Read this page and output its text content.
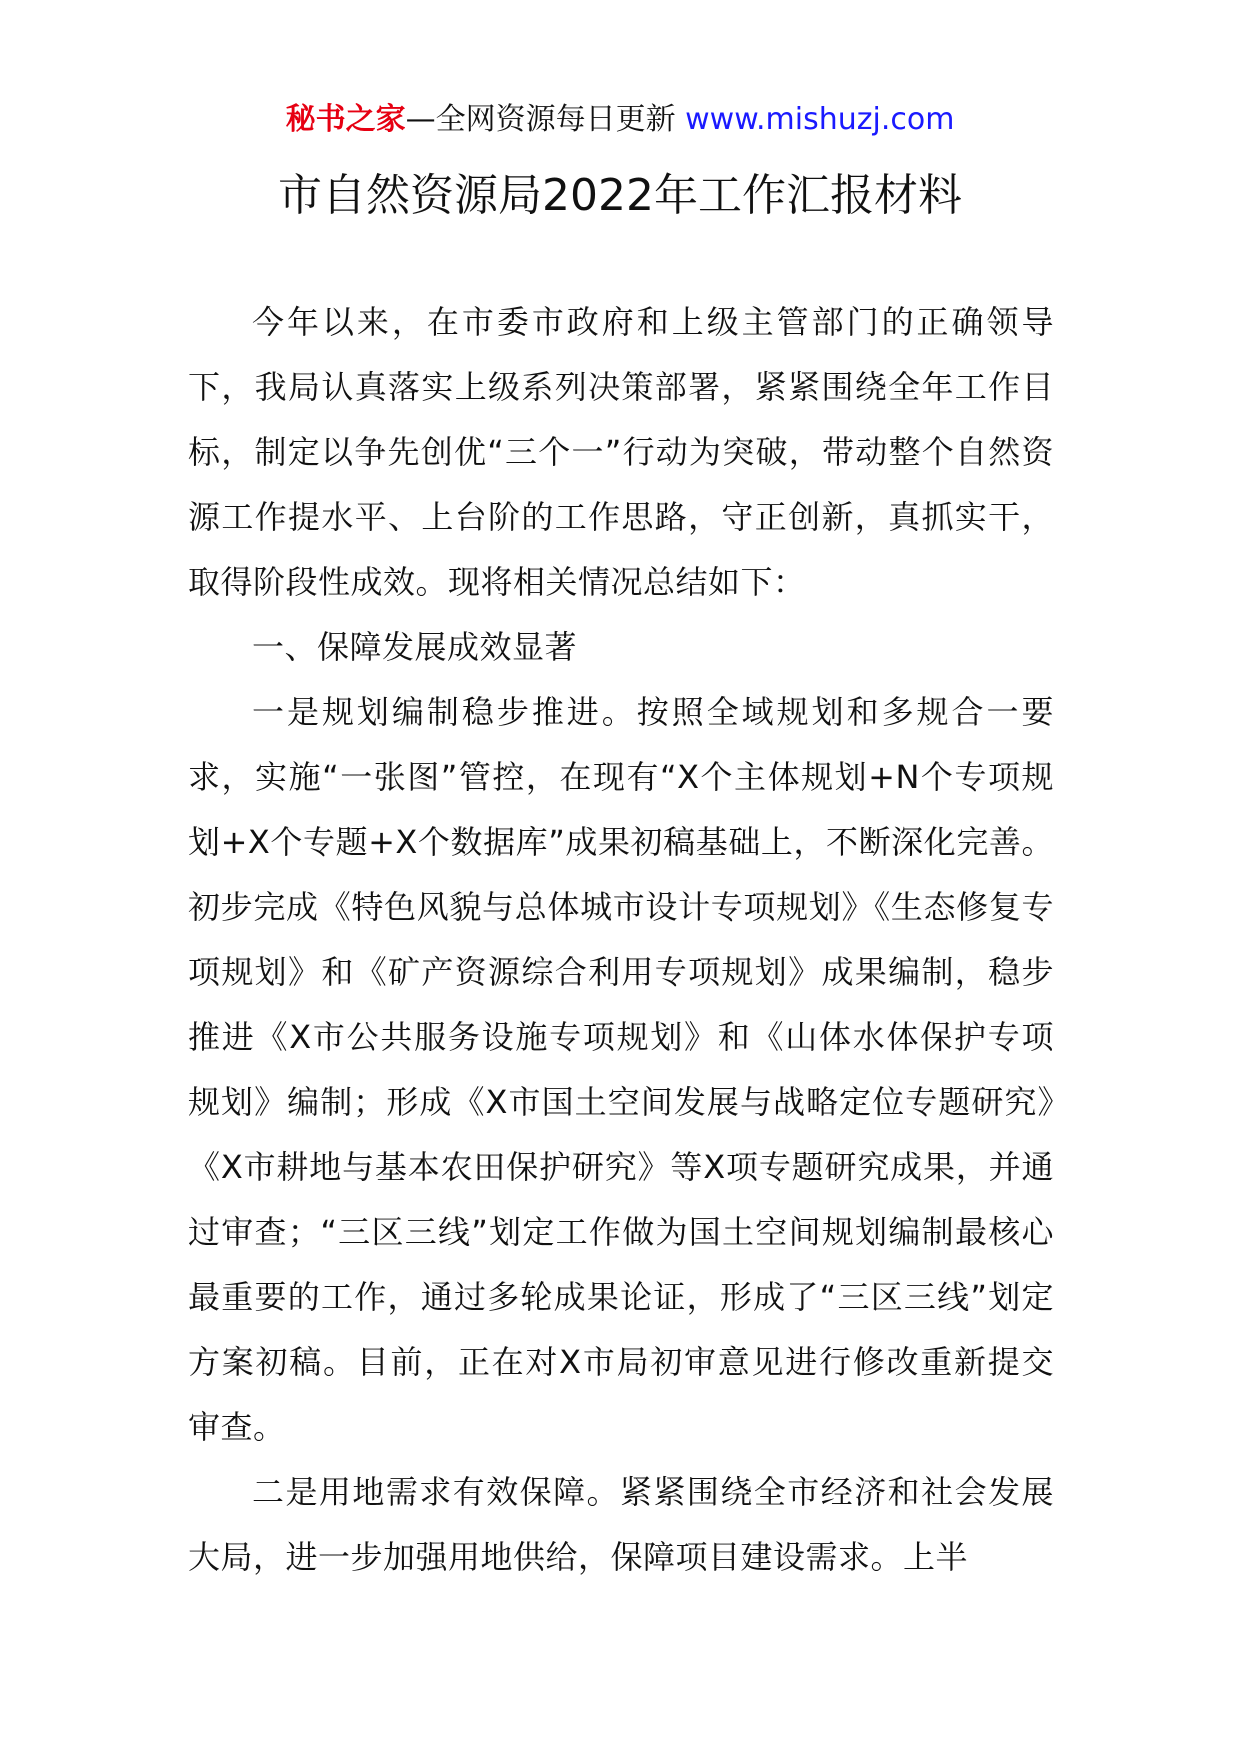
秘书之家—全网资源每日更新 www.mishuzj.com
市自然资源局2022年工作汇报材料

今年以来，在市委市政府和上级主管部门的正确领导下，我局认真落实上级系列决策部署，紧紧围绕全年工作目标，制定以争先创优“三个一”行动为突破，带动整个自然资源工作提水平、上台阶的工作思路，守正创新，真抓实干，取得阶段性成效。现将相关情况总结如下：

一、保障发展成效显著

一是规划编制稳步推进。按照全域规划和多规合一要求，实施“一张图”管控，在现有“X个主体规划+N个专项规划+X个专题+X个数据库”成果初稿基础上，不断深化完善。初步完成《特色风貌与总体城市设计专项规划》《生态修复专项规划》和《矿产资源综合利用专项规划》成果编制，稳步推进《X市公共服务设施专项规划》和《山体水体保护专项规划》编制；形成《X市国土空间发展与战略定位专题研究》《X市耕地与基本农田保护研究》等X项专题研究成果，并通过审查；“三区三线”划定工作做为国土空间规划编制最核心最重要的工作，通过多轮成果论证，形成了“三区三线”划定方案初稿。目前，正在对X市局初审意见进行修改重新提交审查。

二是用地需求有效保障。紧紧围绕全市经济和社会发展大局，进一步加强用地供给，保障项目建设需求。上半
